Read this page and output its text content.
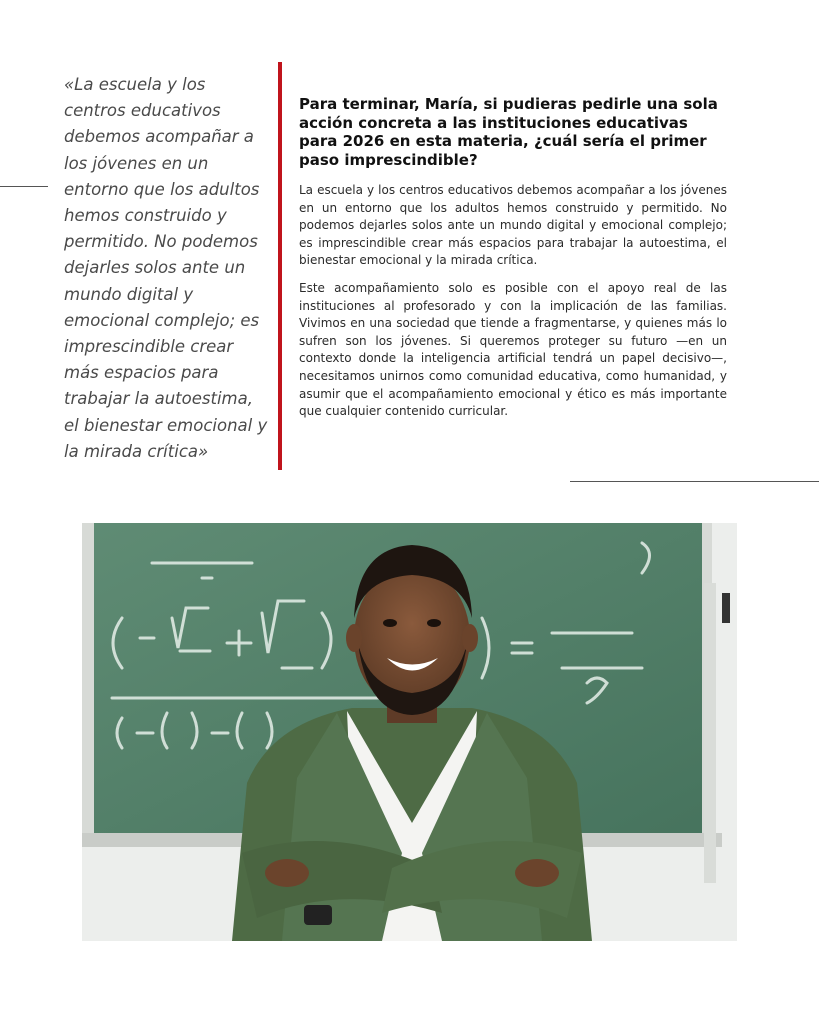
«La escuela y los centros educativos debemos acompañar a los jóvenes en un entorno que los adultos hemos construido y permitido. No podemos dejarles solos ante un mundo digital y emocional complejo; es imprescindible crear más espacios para trabajar la autoestima, el bienestar emocional y la mirada crítica»

Para terminar, María, si pudieras pedirle una sola acción concreta a las instituciones educativas para 2026 en esta materia, ¿cuál sería el primer paso imprescindible?

La escuela y los centros educativos debemos acompañar a los jóvenes en un entorno que los adultos hemos construido y permitido. No podemos dejarles solos ante un mundo digital y emocional complejo; es imprescindible crear más espacios para trabajar la autoestima, el bienestar emocional y la mirada crítica.

Este acompañamiento solo es posible con el apoyo real de las instituciones al profesorado y con la implicación de las familias. Vivimos en una sociedad que tiende a fragmentarse, y quienes más lo sufren son los jóvenes. Si queremos proteger su futuro —en un contexto donde la inteligencia artificial tendrá un papel decisivo—, necesitamos unirnos como comunidad educativa, como humanidad, y asumir que el acompañamiento emocional y ético es más importante que cualquier contenido curricular.
